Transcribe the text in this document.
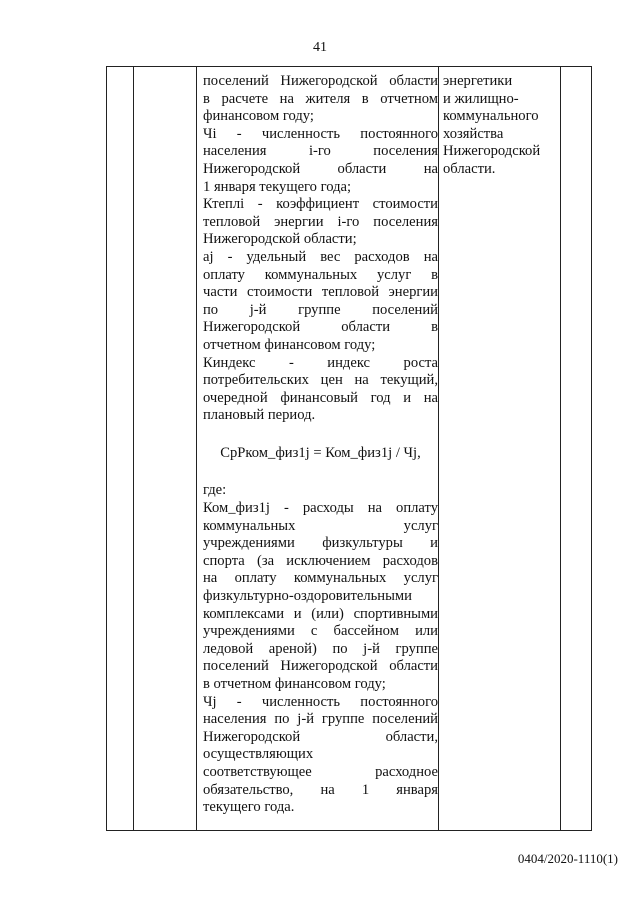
41
поселений Нижегородской области
в расчете на жителя в отчетном
финансовом году;
Чi - численность постоянного
населения i-го поселения
Нижегородской области на
1 января текущего года;
Ктеплi - коэффициент стоимости
тепловой энергии i-го поселения
Нижегородской области;
аj - удельный вес расходов на
оплату коммунальных услуг в
части стоимости тепловой энергии
по j-й группе поселений
Нижегородской области в
отчетном финансовом году;
Киндекс - индекс роста
потребительских цен на текущий,
очередной финансовый год и на
плановый период.
СрРком_физ1j = Ком_физ1j / Чj,
где:
Ком_физ1j - расходы на оплату
коммунальных услуг
учреждениями физкультуры и
спорта (за исключением расходов
на оплату коммунальных услуг
физкультурно-оздоровительными
комплексами и (или) спортивными
учреждениями с бассейном или
ледовой ареной) по j-й группе
поселений Нижегородской области
в отчетном финансовом году;
Чj - численность постоянного
населения по j-й группе поселений
Нижегородской области,
осуществляющих
соответствующее расходное
обязательство, на 1 января
текущего года.
энергетики
и жилищно-
коммунального
хозяйства
Нижегородской
области.
0404/2020-1110(1)
